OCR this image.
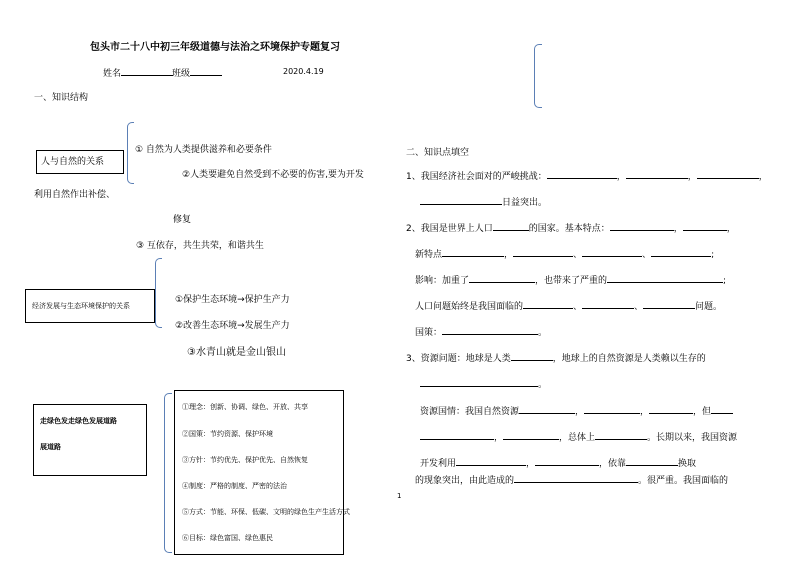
包头市二十八中初三年级道德与法治之环境保护专题复习
姓名	班级	2020.4.19
一、知识结构
人与自然的关系
① 自然为人类提供滋养和必要条件
②人类要避免自然受到不必要的伤害,要为开发
利用自然作出补偿、
修复
③ 互依存，共生共荣，和谐共生
经济发展与生态环境保护的关系
①保护生态环境→保护生产力
②改善生态环境→发展生产力
③水青山就是金山银山
走绿色发走绿色发展道路
展道路
①理念：创新、协调、绿色、开放、共享
②国策：节约资源、保护环境
③方针：节约优先、保护优先、自然恢复
④制度：严格的制度、严密的法治
⑤方式：节能、环保、低碳、文明的绿色生产生活方式
⑥目标：绿色富国、绿色惠民
二、知识点填空
1、我国经济社会面对的严峻挑战：	，	，	，
日益突出。
2、我国是世界上人口	的国家。基本特点：	，	，
新特点	，	、	、	;
影响：加重了	，也带来了严重的	;
人口问题始终是我国面临的	、	、	问题。
国策：	。
3、资源问题：地球是人类	，地球上的自然资源是人类赖以生存的
。
资源国情：我国自然资源	，	，	，但
，	，总体上	。长期以来，我国资源
开发利用	，	，依靠	换取
的现象突出，由此造成的	。很严重。我国面临的
1
